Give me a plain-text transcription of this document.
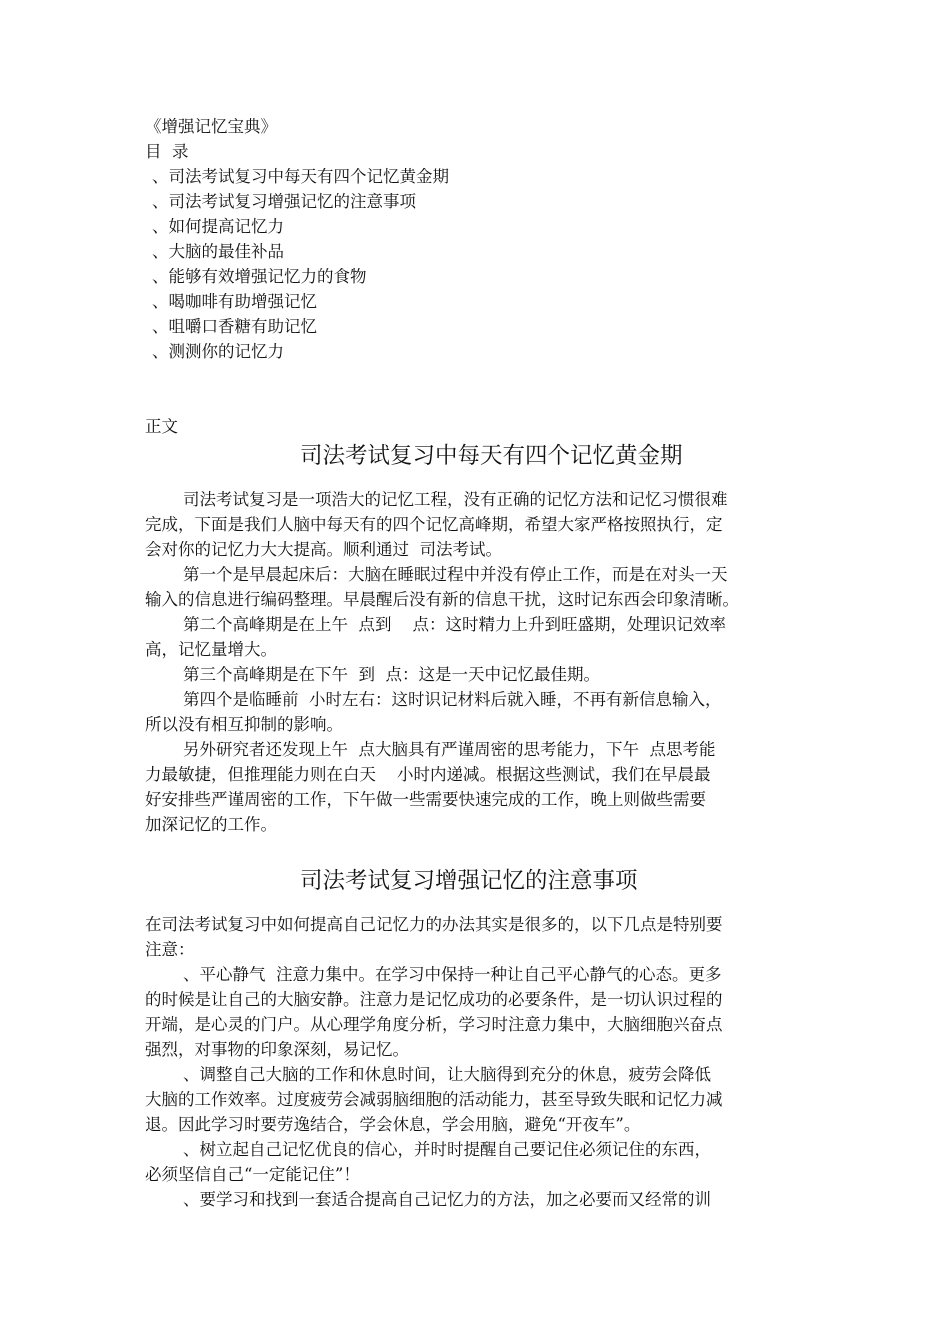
《增强记忆宝典》
目  录
、司法考试复习中每天有四个记忆黄金期
、司法考试复习增强记忆的注意事项
、如何提高记忆力
、大脑的最佳补品
、能够有效增强记忆力的食物
、喝咖啡有助增强记忆
、咀嚼口香糖有助记忆
、测测你的记忆力
正文
司法考试复习中每天有四个记忆黄金期
司法考试复习是一项浩大的记忆工程，没有正确的记忆方法和记忆习惯很难
完成，下面是我们人脑中每天有的四个记忆高峰期，希望大家严格按照执行，定
会对你的记忆力大大提高。顺利通过  司法考试。
第一个是早晨起床后：大脑在睡眠过程中并没有停止工作，而是在对头一天
输入的信息进行编码整理。早晨醒后没有新的信息干扰，这时记东西会印象清晰。
第二个高峰期是在上午  点到    点：这时精力上升到旺盛期，处理识记效率
高，记忆量增大。
第三个高峰期是在下午  到  点：这是一天中记忆最佳期。
第四个是临睡前  小时左右：这时识记材料后就入睡，不再有新信息输入，
所以没有相互抑制的影响。
另外研究者还发现上午  点大脑具有严谨周密的思考能力，下午  点思考能
力最敏捷，但推理能力则在白天    小时内递减。根据这些测试，我们在早晨最
好安排些严谨周密的工作，下午做一些需要快速完成的工作，晚上则做些需要
加深记忆的工作。
司法考试复习增强记忆的注意事项
在司法考试复习中如何提高自己记忆力的办法其实是很多的，以下几点是特别要
注意：
、平心静气  注意力集中。在学习中保持一种让自己平心静气的心态。更多
的时候是让自己的大脑安静。注意力是记忆成功的必要条件，是一切认识过程的
开端，是心灵的门户。从心理学角度分析，学习时注意力集中，大脑细胞兴奋点
强烈，对事物的印象深刻，易记忆。
、调整自己大脑的工作和休息时间，让大脑得到充分的休息，疲劳会降低
大脑的工作效率。过度疲劳会减弱脑细胞的活动能力，甚至导致失眠和记忆力减
退。因此学习时要劳逸结合，学会休息，学会用脑，避免“开夜车”。
、树立起自己记忆优良的信心，并时时提醒自己要记住必须记住的东西，
必须坚信自己“一定能记住”！
、要学习和找到一套适合提高自己记忆力的方法，加之必要而又经常的训
